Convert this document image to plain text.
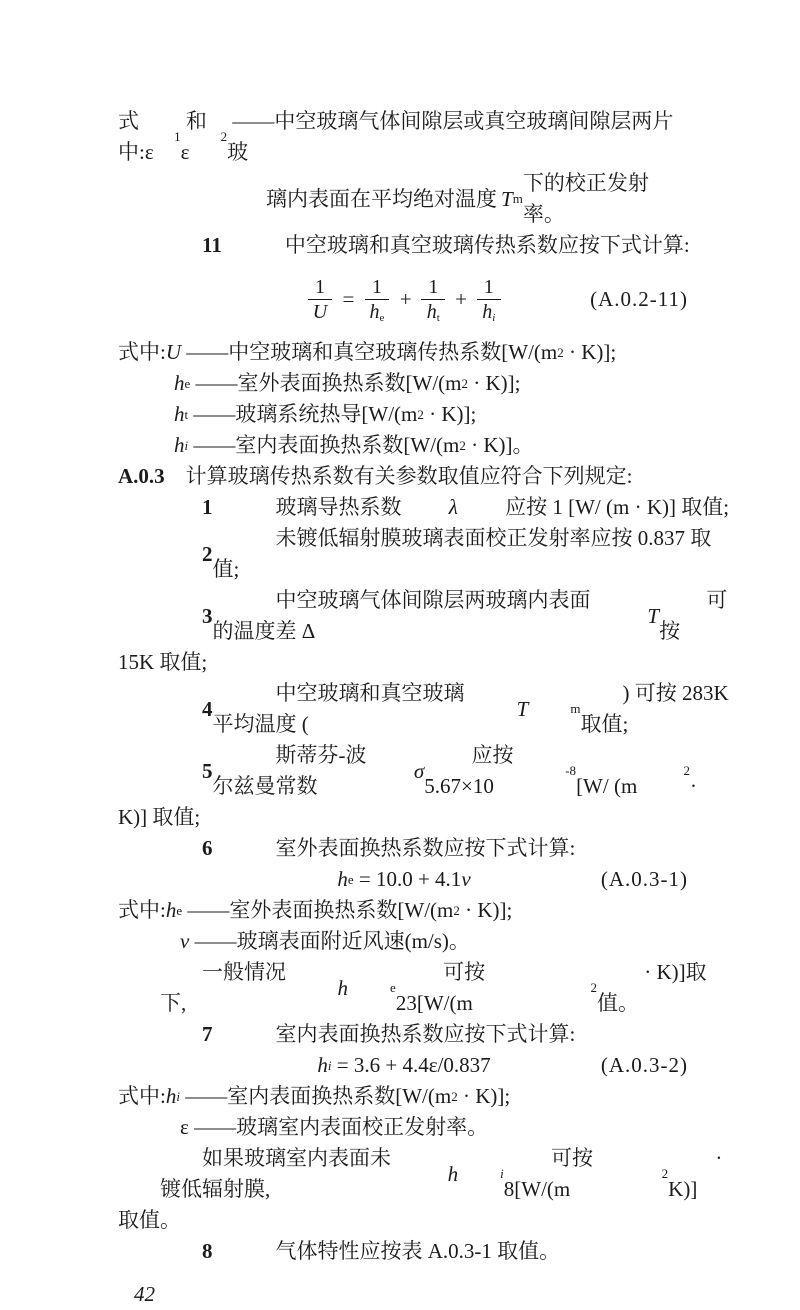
式中:ε
1
和 ε
2
——中空玻璃气体间隙层或真空玻璃间隙层两片玻
璃内表面在平均绝对温度
T m
下的校正发射率。
11	　中空玻璃和真空玻璃传热系数应按下式计算:
$\frac{1}{U} = \frac{1}{h_e} + \frac{1}{h_t} + \frac{1}{h_i}$	(A.0.2-11)
式中: U ——中空玻璃和真空玻璃传热系数[W/(m 2 · K)];
h e ——室外表面换热系数[W/(m 2 · K)];
h t ——玻璃系统热导[W/(m 2 · K)];
h i ——室内表面换热系数[W/(m 2 · K)]。
A.0.3 　计算玻璃传热系数有关参数取值应符合下列规定:
1	　玻璃导热系数	λ	应按 1 [W/ (m · K)] 取值;
2
　未镀低辐射膜玻璃表面校正发射率应按 0.837 取值;
3
　中空玻璃气体间隙层两玻璃内表面的温度差 Δ
T
可按
15K 取值;
4
　中空玻璃和真空玻璃平均温度 (
T	m
) 可按 283K 取值;
5
　斯蒂芬-波尔兹曼常数
σ
应按 5.67×10
-8
[W/ (m
2
·
K)] 取值;
6	　室外表面换热系数应按下式计算:
h e = 10.0 + 4.1 v	(A.0.3-1)
式中: h e ——室外表面换热系数[W/(m 2 · K)];
v ——玻璃表面附近风速(m/s)。
一般情况下,
h	e
可按 23[W/(m
2
· K)]取值。
7	　室内表面换热系数应按下式计算:
h i = 3.6 + 4.4ε/0.837	(A.0.3-2)
式中: h i ——室内表面换热系数[W/(m 2 · K)];
ε ——玻璃室内表面校正发射率。
如果玻璃室内表面未镀低辐射膜,
h	i
可按 8[W/(m
2
· K)]
取值。
8	　气体特性应按表 A.0.3-1 取值。
42
